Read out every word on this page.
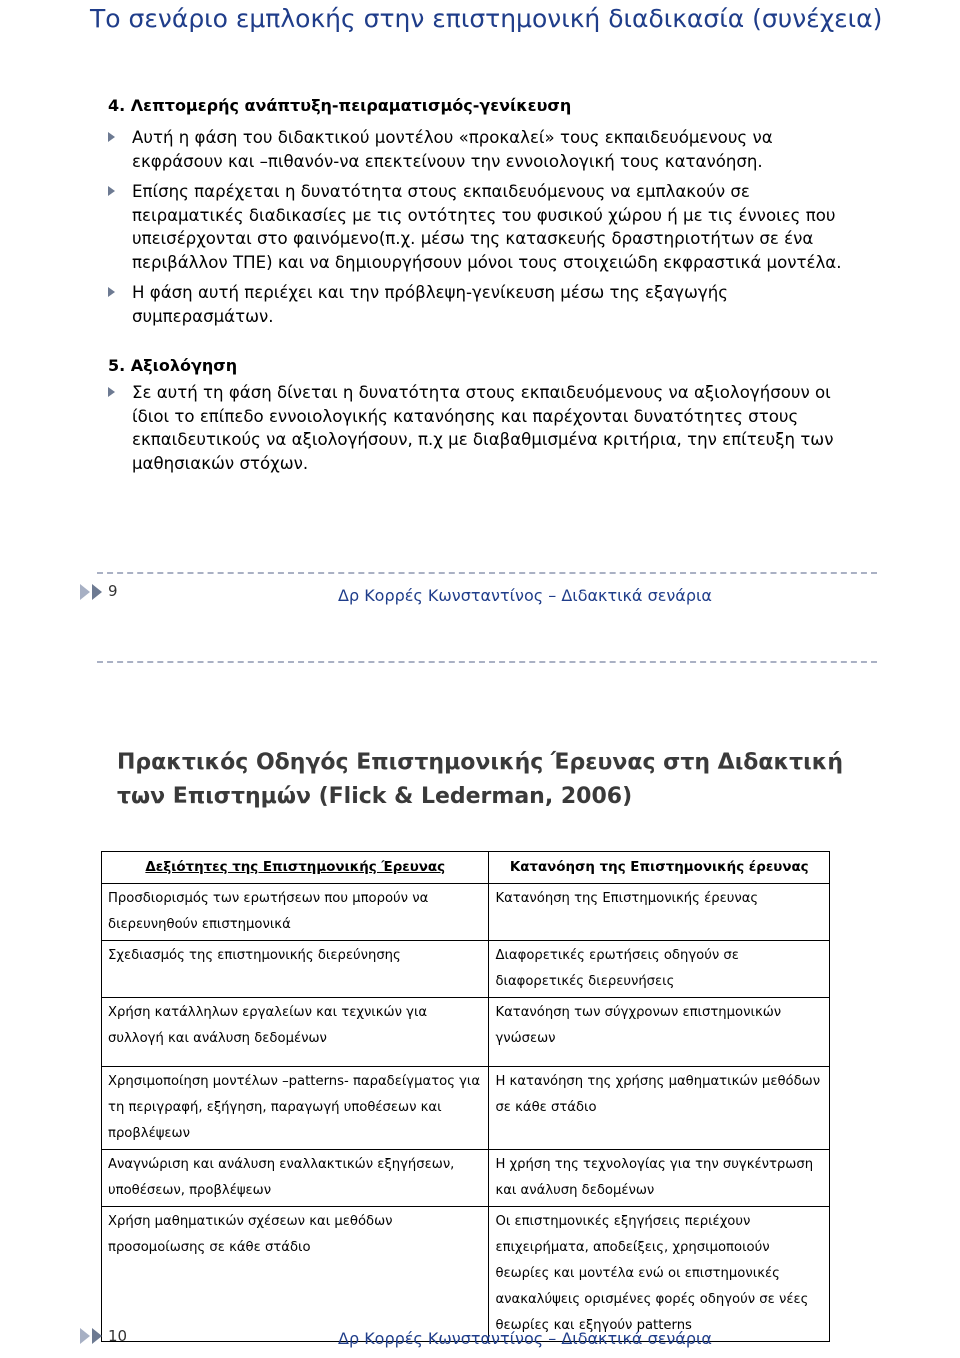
Το σενάριο εμπλοκής στην επιστημονική διαδικασία (συνέχεια)
4. Λεπτομερής ανάπτυξη-πειραματισμός-γενίκευση
Αυτή η φάση του διδακτικού μοντέλου «προκαλεί» τους εκπαιδευόμενους να εκφράσουν και –πιθανόν-να επεκτείνουν την εννοιολογική τους κατανόηση.
Επίσης παρέχεται η δυνατότητα στους εκπαιδευόμενους να εμπλακούν σε πειραματικές διαδικασίες με τις οντότητες του φυσικού χώρου ή με τις έννοιες που υπεισέρχονται στο φαινόμενο(π.χ. μέσω της κατασκευής δραστηριοτήτων σε ένα περιβάλλον ΤΠΕ) και να δημιουργήσουν μόνοι τους στοιχειώδη εκφραστικά μοντέλα.
Η φάση αυτή περιέχει και την πρόβλεψη-γενίκευση μέσω της εξαγωγής συμπερασμάτων.
5. Αξιολόγηση
Σε αυτή τη φάση δίνεται η δυνατότητα στους εκπαιδευόμενους να αξιολογήσουν οι ίδιοι το επίπεδο εννοιολογικής κατανόησης και παρέχονται δυνατότητες στους εκπαιδευτικούς να αξιολογήσουν, π.χ με διαβαθμισμένα κριτήρια, την επίτευξη των μαθησιακών στόχων.
9	Δρ Κορρές Κωνσταντίνος – Διδακτικά σενάρια
Πρακτικός Οδηγός Επιστημονικής Έρευνας στη Διδακτική των Επιστημών (Flick & Lederman, 2006)
Δεξιότητες της Επιστημονικής Έρευνας	Κατανόηση της Επιστημονικής έρευνας
Προσδιορισμός των ερωτήσεων που μπορούν να διερευνηθούν επιστημονικά	Κατανόηση της Επιστημονικής έρευνας
Σχεδιασμός της επιστημονικής διερεύνησης	Διαφορετικές ερωτήσεις οδηγούν σε διαφορετικές διερευνήσεις
Χρήση κατάλληλων εργαλείων και τεχνικών για συλλογή και ανάλυση δεδομένων	Κατανόηση των σύγχρονων επιστημονικών γνώσεων
Χρησιμοποίηση μοντέλων –patterns- παραδείγματος για τη περιγραφή, εξήγηση, παραγωγή υποθέσεων και προβλέψεων	Η κατανόηση της χρήσης μαθηματικών μεθόδων σε κάθε στάδιο
Αναγνώριση και ανάλυση εναλλακτικών εξηγήσεων, υποθέσεων, προβλέψεων	Η χρήση της τεχνολογίας για την συγκέντρωση και ανάλυση δεδομένων
Χρήση μαθηματικών σχέσεων και μεθόδων προσομοίωσης σε κάθε στάδιο	Οι επιστημονικές εξηγήσεις περιέχουν επιχειρήματα, αποδείξεις, χρησιμοποιούν θεωρίες και μοντέλα ενώ οι επιστημονικές ανακαλύψεις ορισμένες φορές οδηγούν σε νέες θεωρίες και εξηγούν patterns
10	Δρ Κορρές Κωνσταντίνος – Διδακτικά σενάρια
